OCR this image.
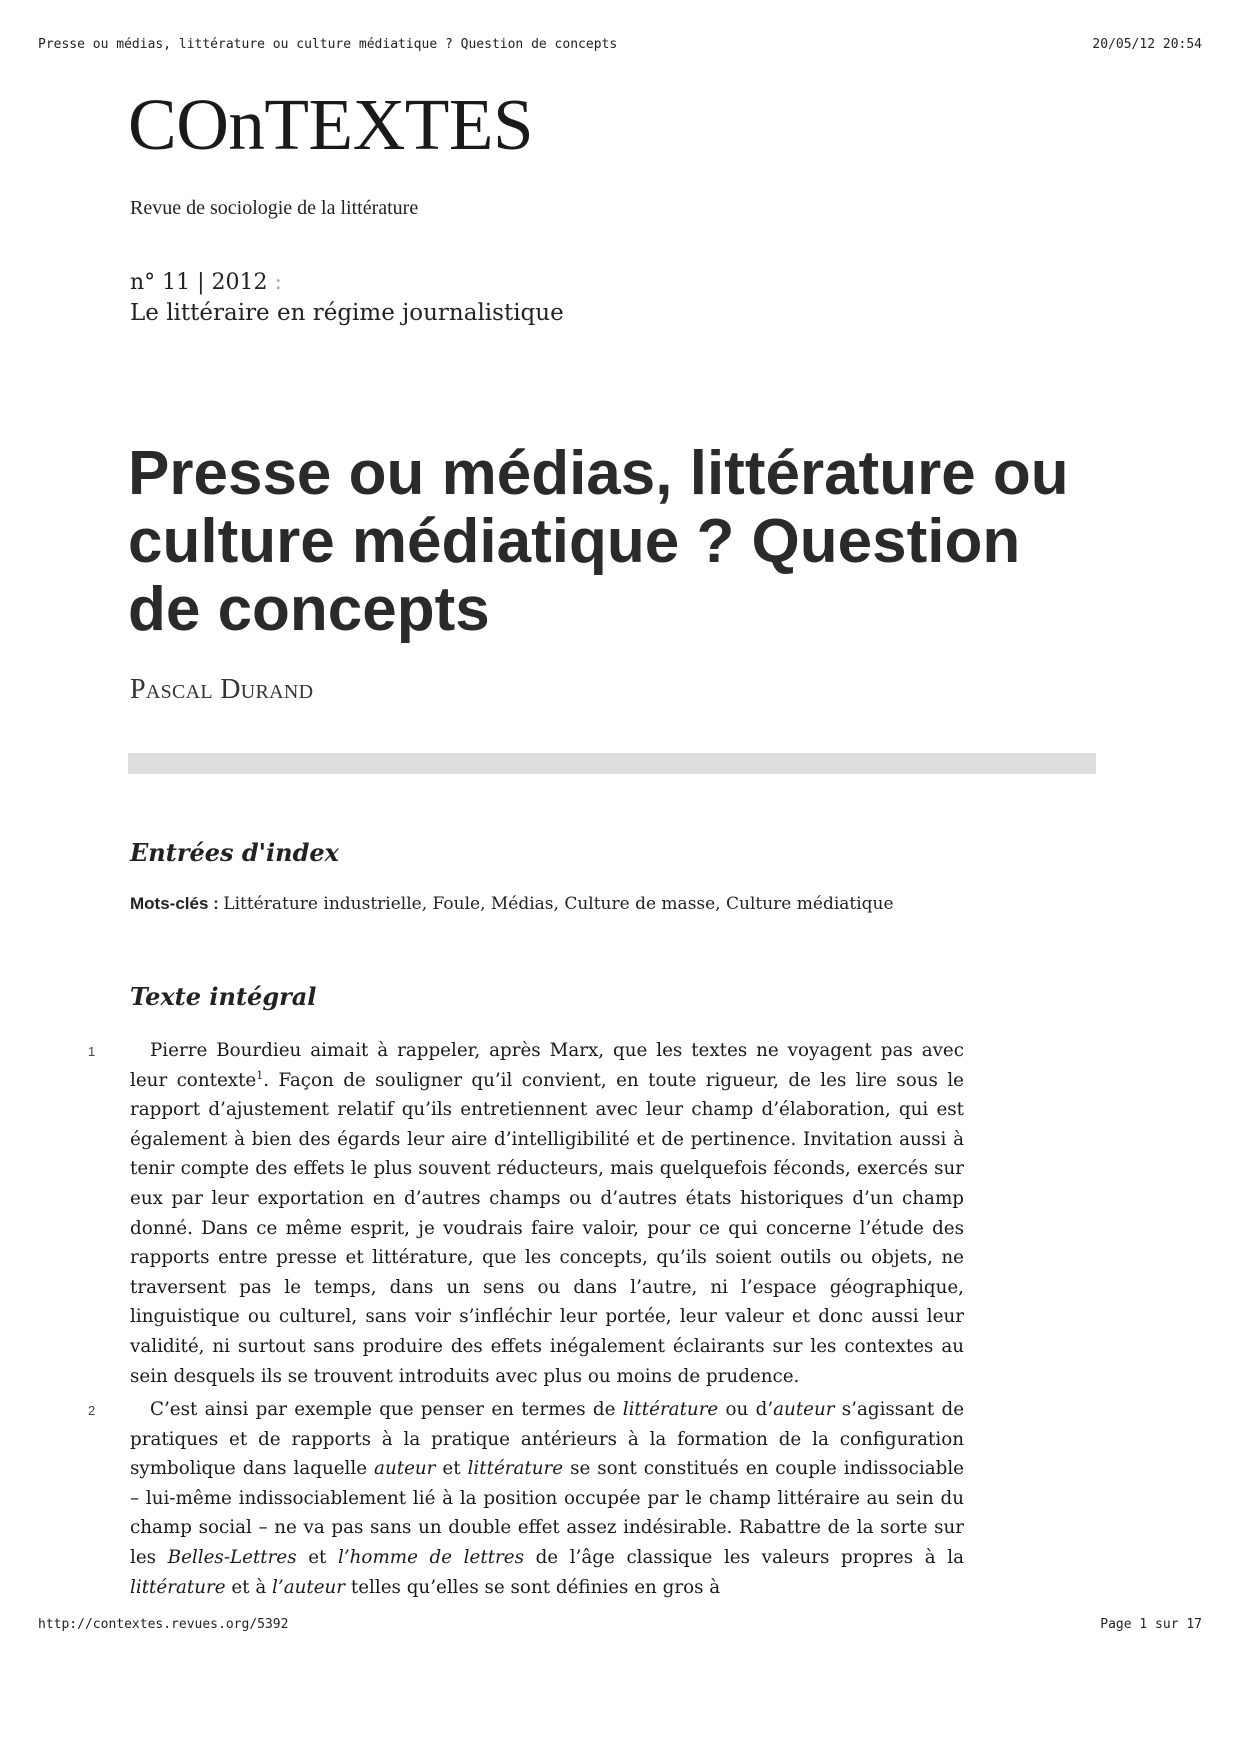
Presse ou médias, littérature ou culture médiatique ? Question de concepts	20/05/12 20:54
COnTEXTES
Revue de sociologie de la littérature
n° 11 | 2012 :
Le littéraire en régime journalistique
Presse ou médias, littérature ou culture médiatique ? Question de concepts
Pascal Durand
Entrées d'index
Mots-clés : Littérature industrielle, Foule, Médias, Culture de masse, Culture médiatique
Texte intégral
1	Pierre Bourdieu aimait à rappeler, après Marx, que les textes ne voyagent pas avec leur contexte$^1$. Façon de souligner qu’il convient, en toute rigueur, de les lire sous le rapport d’ajustement relatif qu’ils entretiennent avec leur champ d’élaboration, qui est également à bien des égards leur aire d’intelligibilité et de pertinence. Invitation aussi à tenir compte des effets le plus souvent réducteurs, mais quelquefois féconds, exercés sur eux par leur exportation en d’autres champs ou d’autres états historiques d’un champ donné. Dans ce même esprit, je voudrais faire valoir, pour ce qui concerne l’étude des rapports entre presse et littérature, que les concepts, qu’ils soient outils ou objets, ne traversent pas le temps, dans un sens ou dans l’autre, ni l’espace géographique, linguistique ou culturel, sans voir s’infléchir leur portée, leur valeur et donc aussi leur validité, ni surtout sans produire des effets inégalement éclairants sur les contextes au sein desquels ils se trouvent introduits avec plus ou moins de prudence.

2	C’est ainsi par exemple que penser en termes de littérature ou d’auteur s’agissant de pratiques et de rapports à la pratique antérieurs à la formation de la configuration symbolique dans laquelle auteur et littérature se sont constitués en couple indissociable – lui-même indissociablement lié à la position occupée par le champ littéraire au sein du champ social – ne va pas sans un double effet assez indésirable. Rabattre de la sorte sur les Belles-Lettres et l’homme de lettres de l’âge classique les valeurs propres à la littérature et à l’auteur telles qu’elles se sont définies en gros à

http://contextes.revues.org/5392	Page 1 sur 17
